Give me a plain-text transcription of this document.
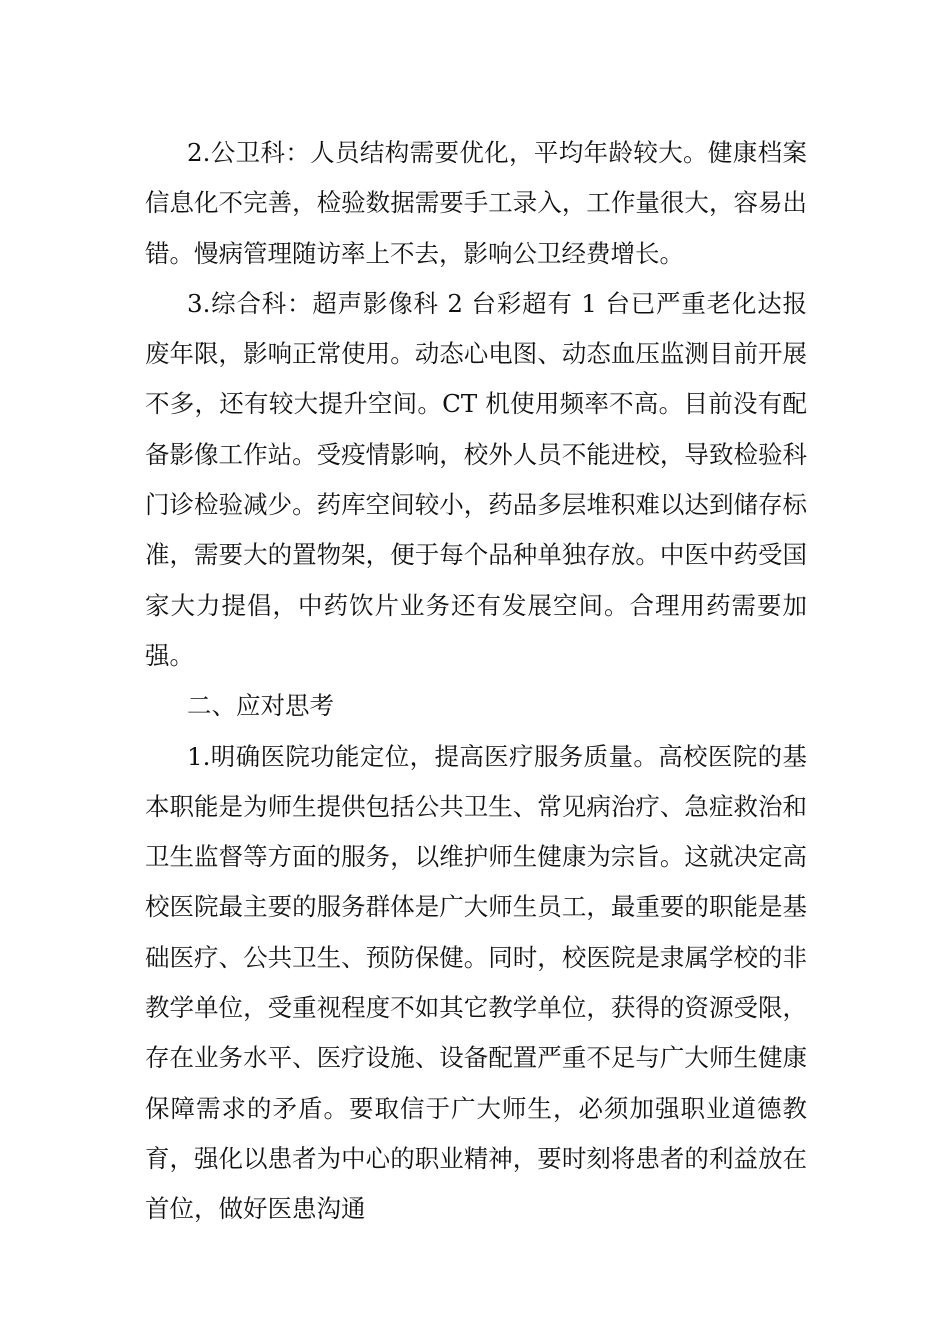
2.公卫科：人员结构需要优化，平均年龄较大。健康档案信息化不完善，检验数据需要手工录入，工作量很大，容易出错。慢病管理随访率上不去，影响公卫经费增长。

3.综合科：超声影像科 2 台彩超有 1 台已严重老化达报废年限，影响正常使用。动态心电图、动态血压监测目前开展不多，还有较大提升空间。CT 机使用频率不高。目前没有配备影像工作站。受疫情影响，校外人员不能进校，导致检验科门诊检验减少。药库空间较小，药品多层堆积难以达到储存标准，需要大的置物架，便于每个品种单独存放。中医中药受国家大力提倡，中药饮片业务还有发展空间。合理用药需要加强。

二、应对思考

1.明确医院功能定位，提高医疗服务质量。高校医院的基本职能是为师生提供包括公共卫生、常见病治疗、急症救治和卫生监督等方面的服务，以维护师生健康为宗旨。这就决定高校医院最主要的服务群体是广大师生员工，最重要的职能是基础医疗、公共卫生、预防保健。同时，校医院是隶属学校的非教学单位，受重视程度不如其它教学单位，获得的资源受限，存在业务水平、医疗设施、设备配置严重不足与广大师生健康保障需求的矛盾。要取信于广大师生，必须加强职业道德教育，强化以患者为中心的职业精神，要时刻将患者的利益放在首位，做好医患沟通
